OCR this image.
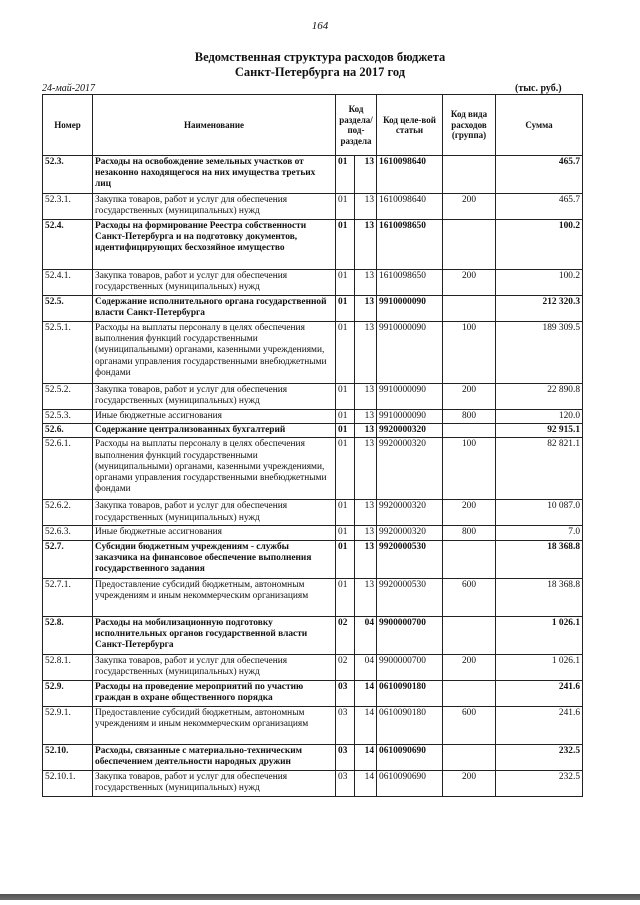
164
Ведомственная структура расходов бюджета
Санкт-Петербурга на 2017 год
24-май-2017	(тыс. руб.)
Номер	Наименование	Код раздела/ под-раздела		Код целе-вой статьи	Код вида расходов (группа)	Сумма
52.3.	Расходы на освобождение земельных участков от незаконно находящегося на них имущества третьих лиц	01	13	1610098640		465.7
52.3.1.	Закупка товаров, работ и услуг для обеспечения государственных (муниципальных) нужд	01	13	1610098640	200	465.7
52.4.	Расходы на формирование Реестра собственности Санкт-Петербурга и на подготовку документов, идентифицирующих бесхозяйное имущество	01	13	1610098650		100.2
52.4.1.	Закупка товаров, работ и услуг для обеспечения государственных (муниципальных) нужд	01	13	1610098650	200	100.2
52.5.	Содержание исполнительного органа государственной власти Санкт-Петербурга	01	13	9910000090		212 320.3
52.5.1.	Расходы на выплаты персоналу в целях обеспечения выполнения функций государственными (муниципальными) органами, казенными учреждениями, органами управления государственными внебюджетными фондами	01	13	9910000090	100	189 309.5
52.5.2.	Закупка товаров, работ и услуг для обеспечения государственных (муниципальных) нужд	01	13	9910000090	200	22 890.8
52.5.3.	Иные бюджетные ассигнования	01	13	9910000090	800	120.0
52.6.	Содержание централизованных бухгалтерий	01	13	9920000320		92 915.1
52.6.1.	Расходы на выплаты персоналу в целях обеспечения выполнения функций государственными (муниципальными) органами, казенными учреждениями, органами управления государственными внебюджетными фондами	01	13	9920000320	100	82 821.1
52.6.2.	Закупка товаров, работ и услуг для обеспечения государственных (муниципальных) нужд	01	13	9920000320	200	10 087.0
52.6.3.	Иные бюджетные ассигнования	01	13	9920000320	800	7.0
52.7.	Субсидии бюджетным учреждениям - службы заказчика на финансовое обеспечение выполнения государственного задания	01	13	9920000530		18 368.8
52.7.1.	Предоставление субсидий бюджетным, автономным учреждениям и иным некоммерческим организациям	01	13	9920000530	600	18 368.8
52.8.	Расходы на мобилизационную подготовку исполнительных органов государственной власти Санкт-Петербурга	02	04	9900000700		1 026.1
52.8.1.	Закупка товаров, работ и услуг для обеспечения государственных (муниципальных) нужд	02	04	9900000700	200	1 026.1
52.9.	Расходы на проведение мероприятий по участию граждан в охране общественного порядка	03	14	0610090180		241.6
52.9.1.	Предоставление субсидий бюджетным, автономным учреждениям и иным некоммерческим организациям	03	14	0610090180	600	241.6
52.10.	Расходы, связанные с материально-техническим обеспечением деятельности народных дружин	03	14	0610090690		232.5
52.10.1.	Закупка товаров, работ и услуг для обеспечения государственных (муниципальных) нужд	03	14	0610090690	200	232.5
